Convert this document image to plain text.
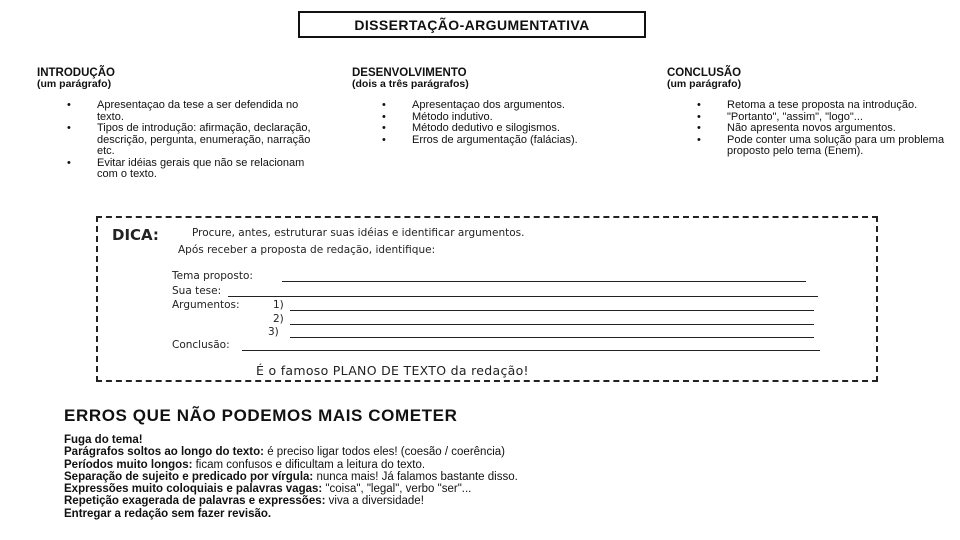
DISSERTAÇÃO-ARGUMENTATIVA
INTRODUÇÃO
(um parágrafo)
• Apresentaçao da tese a ser defendida no texto.
• Tipos de introdução: afirmação, declaração, descrição, pergunta, enumeração, narração etc.
• Evitar idéias gerais que não se relacionam com o texto.
DESENVOLVIMENTO
(dois a três parágrafos)
• Apresentaçao dos argumentos.
• Método indutivo.
• Método dedutivo e silogismos.
• Erros de argumentação (falácias).
CONCLUSÃO
(um parágrafo)
• Retoma a tese proposta na introdução.
• "Portanto", "assim", "logo"...
• Não apresenta novos argumentos.
• Pode conter uma solução para um problema proposto pelo tema (Enem).
DICA:	Procure, antes, estruturar suas idéias e identificar argumentos.
Após receber a proposta de redação, identifique:
Tema proposto:
Sua tese:
Argumentos:	1)
2)
3)
Conclusão:
É o famoso PLANO DE TEXTO da redação!
ERROS QUE NÃO PODEMOS MAIS COMETER
Fuga do tema!
Parágrafos soltos ao longo do texto: é preciso ligar todos eles! (coesão / coerência)
Períodos muito longos: ficam confusos e dificultam a leitura do texto.
Separação de sujeito e predicado por vírgula: nunca mais! Já falamos bastante disso.
Expressões muito coloquiais e palavras vagas: "coisa", "legal", verbo "ser"...
Repetição exagerada de palavras e expressões: viva a diversidade!
Entregar a redação sem fazer revisão.
